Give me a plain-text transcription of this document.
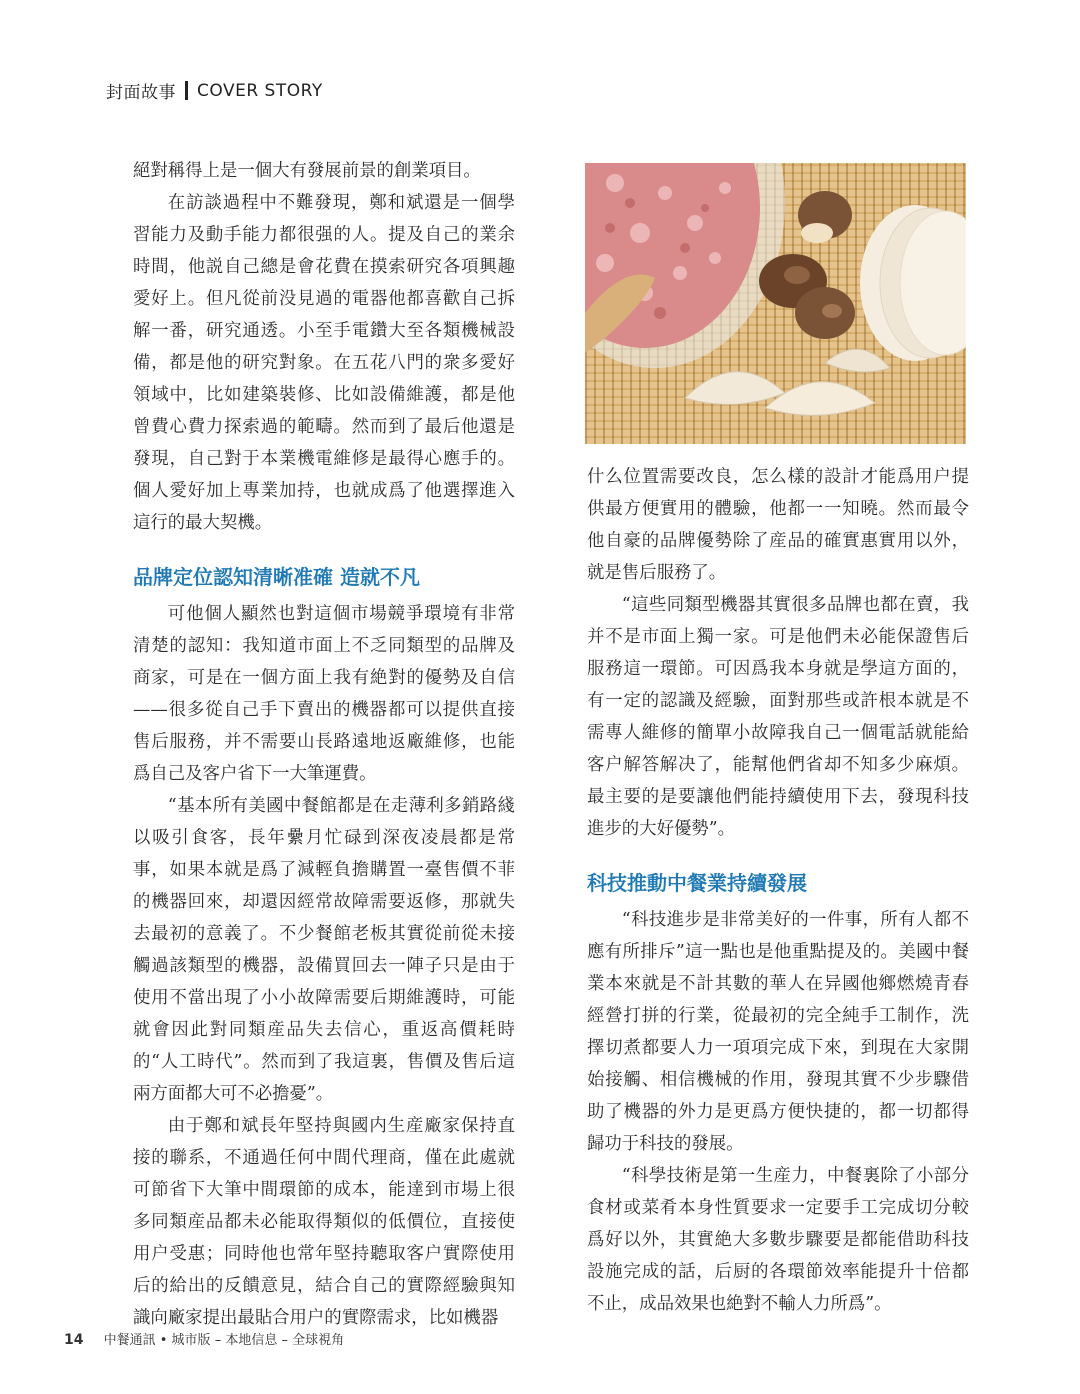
封面故事 COVER STORY

絕對稱得上是一個大有發展前景的創業項目。

在訪談過程中不難發現，鄭和斌還是一個學習能力及動手能力都很强的人。提及自己的業余時間，他説自己總是會花費在摸索研究各項興趣愛好上。但凡從前没見過的電器他都喜歡自己拆解一番，研究通透。小至手電鑽大至各類機械設備，都是他的研究對象。在五花八門的衆多愛好領域中，比如建築裝修、比如設備維護，都是他曾費心費力探索過的範疇。然而到了最后他還是發現，自己對于本業機電維修是最得心應手的。個人愛好加上專業加持，也就成爲了他選擇進入這行的最大契機。

品牌定位認知清晰准確 造就不凡

可他個人顯然也對這個市場競爭環境有非常清楚的認知：我知道市面上不乏同類型的品牌及商家，可是在一個方面上我有絶對的優勢及自信——很多從自己手下賣出的機器都可以提供直接售后服務，并不需要山長路遠地返廠維修，也能爲自己及客户省下一大筆運費。

“基本所有美國中餐館都是在走薄利多銷路綫以吸引食客，長年纍月忙碌到深夜凌晨都是常事，如果本就是爲了減輕負擔購置一臺售價不菲的機器回來，却還因經常故障需要返修，那就失去最初的意義了。不少餐館老板其實從前從未接觸過該類型的機器，設備買回去一陣子只是由于使用不當出現了小小故障需要后期維護時，可能就會因此對同類産品失去信心，重返高價耗時的“人工時代”。然而到了我這裏，售價及售后這兩方面都大可不必擔憂”。

由于鄭和斌長年堅持與國内生産廠家保持直接的聯系，不通過任何中間代理商，僅在此處就可節省下大筆中間環節的成本，能達到市場上很多同類産品都未必能取得類似的低價位，直接使用户受惠；同時他也常年堅持聽取客户實際使用后的給出的反饋意見，結合自己的實際經驗與知識向廠家提出最貼合用户的實際需求，比如機器

什么位置需要改良，怎么樣的設計才能爲用户提供最方便實用的體驗，他都一一知曉。然而最令他自豪的品牌優勢除了産品的確實惠實用以外，就是售后服務了。

“這些同類型機器其實很多品牌也都在賣，我并不是市面上獨一家。可是他們未必能保證售后服務這一環節。可因爲我本身就是學這方面的，有一定的認識及經驗，面對那些或許根本就是不需專人維修的簡單小故障我自己一個電話就能給客户解答解决了，能幫他們省却不知多少麻煩。最主要的是要讓他們能持續使用下去，發現科技進步的大好優勢”。

科技推動中餐業持續發展

“科技進步是非常美好的一件事，所有人都不應有所排斥”這一點也是他重點提及的。美國中餐業本來就是不計其數的華人在异國他鄉燃燒青春經營打拼的行業，從最初的完全純手工制作，洗擇切煮都要人力一項項完成下來，到現在大家開始接觸、相信機械的作用，發現其實不少步驟借助了機器的外力是更爲方便快捷的，都一切都得歸功于科技的發展。

“科學技術是第一生産力，中餐裏除了小部分食材或菜肴本身性質要求一定要手工完成切分較爲好以外，其實絶大多數步驟要是都能借助科技設施完成的話，后厨的各環節效率能提升十倍都不止，成品效果也絶對不輸人力所爲”。

14 中餐通訊 • 城市版 – 本地信息 – 全球視角
